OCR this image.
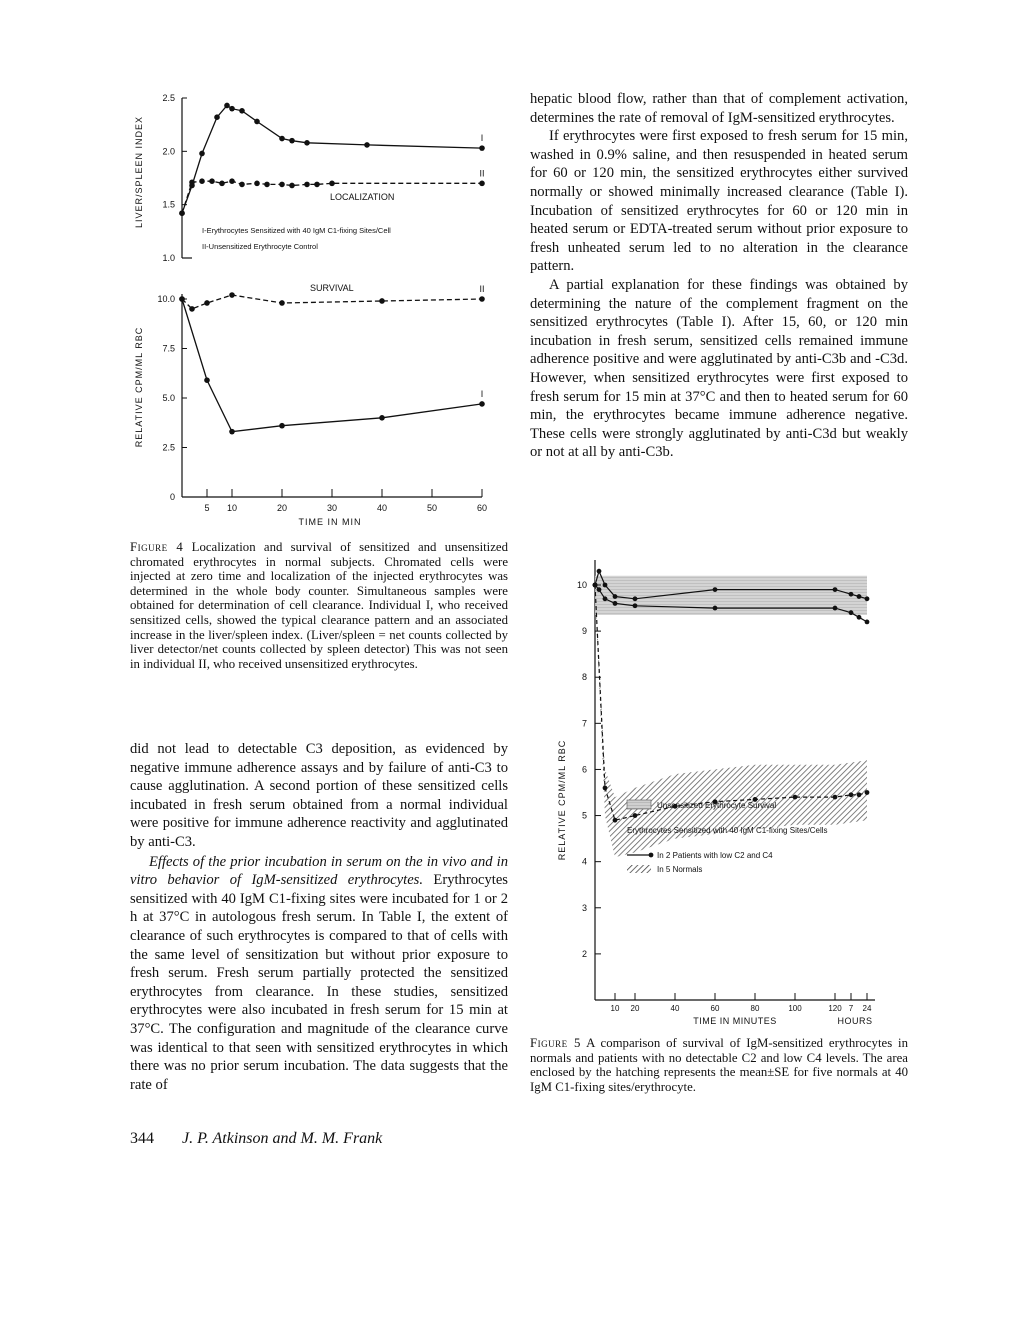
LIVER/SPLEEN INDEX
1.0
1.5
2.0
2.5
LOCALIZATION
I-Erythrocytes Sensitized with 40 IgM C1-fixing Sites/Cell
II-Unsensitized Erythrocyte Control
I
II
RELATIVE CPM/ML RBC
SURVIVAL
0
2.5
5.0
7.5
10.0
5 10	20	30	40	50	60
TIME IN MIN
I
II
Figure 4 Localization and survival of sensitized and unsensitized chromated erythrocytes in normal subjects. Chromated cells were injected at zero time and localization of the injected erythrocytes was determined in the whole body counter. Simultaneous samples were obtained for determination of cell clearance. Individual I, who received sensitized cells, showed the typical clearance pattern and an associated increase in the liver/spleen index. (Liver/spleen = net counts collected by liver detector/net counts collected by spleen detector) This was not seen in individual II, who received unsensitized erythrocytes.

did not lead to detectable C3 deposition, as evidenced by negative immune adherence assays and by failure of anti-C3 to cause agglutination. A second portion of these sensitized cells incubated in fresh serum obtained from a normal individual were positive for immune adherence reactivity and agglutinated by anti-C3.

Effects of the prior incubation in serum on the in vivo and in vitro behavior of IgM-sensitized erythrocytes. Erythrocytes sensitized with 40 IgM C1-fixing sites were incubated for 1 or 2 h at 37°C in autologous fresh serum. In Table I, the extent of clearance of such erythrocytes is compared to that of cells with the same level of sensitization but without prior exposure to fresh serum. Fresh serum partially protected the sensitized erythrocytes from clearance. In these studies, sensitized erythrocytes were also incubated in fresh serum for 15 min at 37°C. The configuration and magnitude of the clearance curve was identical to that seen with sensitized erythrocytes in which there was no prior serum incubation. The data suggests that the rate of

hepatic blood flow, rather than that of complement activation, determines the rate of removal of IgM-sensitized erythrocytes.

If erythrocytes were first exposed to fresh serum for 15 min, washed in 0.9% saline, and then resuspended in heated serum for 60 or 120 min, the sensitized erythrocytes either survived normally or showed minimally increased clearance (Table I). Incubation of sensitized erythrocytes for 60 or 120 min in heated serum or EDTA-treated serum without prior exposure to fresh unheated serum led to no alteration in the clearance pattern.

A partial explanation for these findings was obtained by determining the nature of the complement fragment on the sensitized erythrocytes (Table I). After 15, 60, or 120 min incubation in fresh serum, sensitized cells remained immune adherence positive and were agglutinated by anti-C3b and -C3d. However, when sensitized erythrocytes were first exposed to fresh serum for 15 min at 37°C and then to heated serum for 60 min, the erythrocytes became immune adherence negative. These cells were strongly agglutinated by anti-C3d but weakly or not at all by anti-C3b.

RELATIVE CPM/ML RBC
2
3
4
5
6
7
8
9
10
10 20	40	60	80	100	120 7 24
TIME IN MINUTES	HOURS
Unsensitized Erythrocyte Survival
Erythrocytes Sensitized with 40 IgM C1-fixing Sites/Cells
In 2 Patients with low C2 and C4
In 5 Normals
Figure 5 A comparison of survival of IgM-sensitized erythrocytes in normals and patients with no detectable C2 and low C4 levels. The area enclosed by the hatching represents the mean±SE for five normals at 40 IgM C1-fixing sites/erythrocyte.
344 J. P. Atkinson and M. M. Frank
